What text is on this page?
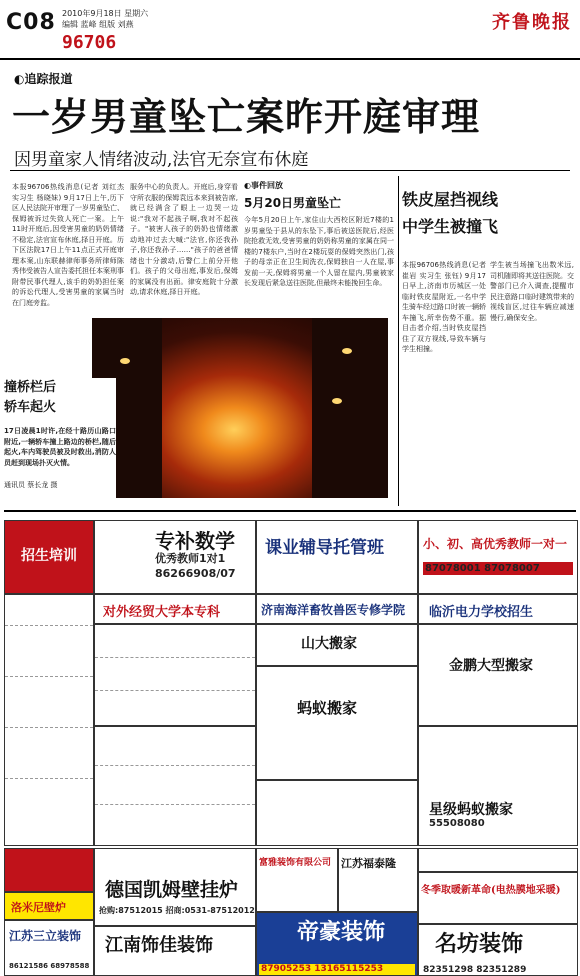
C08 2010年9月18日 星期六
编辑 蓝峰 组版 刘燕
96706
齐鲁晚报
◐追踪报道
一岁男童坠亡案昨开庭审理
因男童家人情绪波动,法官无奈宣布休庭
本报96706热线消息(记者 刘红杰 实习生 杨晓妹) 9月17日上午,历下区人民法院开审理了一岁男童坠亡、保姆被诉过失致人死亡一案。上午11时开庭后,因受害男童的奶奶情绪不稳定,法官宣布休庭,择日开庭。历下区法院17日上午11点正式开庭审理本案,山东联赫律师事务所律师陈秀伟受被告人宣告委托担任本案刑事附带民事代理人,该手的奶奶担任案的诉讼代理人,受害男童的家属当时在门庭旁监。
服务中心的负责人。开庭后,身穿看守所衣服的保姆袁远本来到被告席,就已经满含了眼上一边哭一边说:"我对不起孩子啊,我对不起孩子。"被害人孩子的奶奶也情绪激动地冲过去大喊:"法官,你还我孙子,你还我孙子……"孩子的爸爸情绪也十分激动,后警仁上前分开他们。孩子的父母出庭,事发后,保姆的家属没有出面。律安庭院十分激动,请求休庭,择日开庭。
◐事件回放
5月20日男童坠亡
今年5月20日上午,家住山大西校区附近7楼的1岁男童坠于县从的东坠下,事后被送医院后,经医院抢救无效,受害男童的奶奶称男童的家属在同一楼的7楼东户,当时在2楼玩耍的保姆突然出门,孩子的母亲正在卫生间洗衣,保姆独自一人在屋,事发前一天,保姆将男童一个人留在屋内,男童被家长发现后紧急送往医院,但最终未能挽回生命。
撞桥栏后
轿车起火
17日凌晨1时许,在经十路历山路口附近,一辆轿车撞上路边的桥栏,随后起火,车内驾驶员被及时救出,消防人员赶到现场扑灭火情。
通讯员 蔡长龙 摄
铁皮屋挡视线
中学生被撞飞
本报96706热线消息(记者 崔岩 实习生 张钰) 9月17日早上,济南市历城区一处临时铁皮屋附近,一名中学生骑车经过路口时被一辆轿车撞飞,所幸伤势不重。据目击者介绍,当时铁皮屋挡住了双方视线,导致车辆与学生相撞。
学生被当场撞飞出数米远,司机随即将其送往医院。交警部门已介入调查,提醒市民注意路口临时建筑带来的视线盲区,过往车辆应减速慢行,确保安全。
招生培训
专补数学
优秀教师1对1
86266908/07
课业辅导托管班	小、初、高优秀教师一对一
87078001 87078007
对外经贸大学本专科	济南海洋畜牧兽医专修学院	临沂电力学校招生
山大搬家
金鹏大型搬家
蚂蚁搬家
星级蚂蚁搬家
55508080
洛米尼壁炉
江苏三立装饰
86121586 68978588
德国凯姆壁挂炉
抢购:87512015 招商:0531-87512012
江南饰佳装饰
富雅装饰有限公司 江苏福泰隆
帝豪装饰
87905253 13165115253
冬季取暖新革命(电热膜地采暖)
名坊装饰
82351298 82351289
